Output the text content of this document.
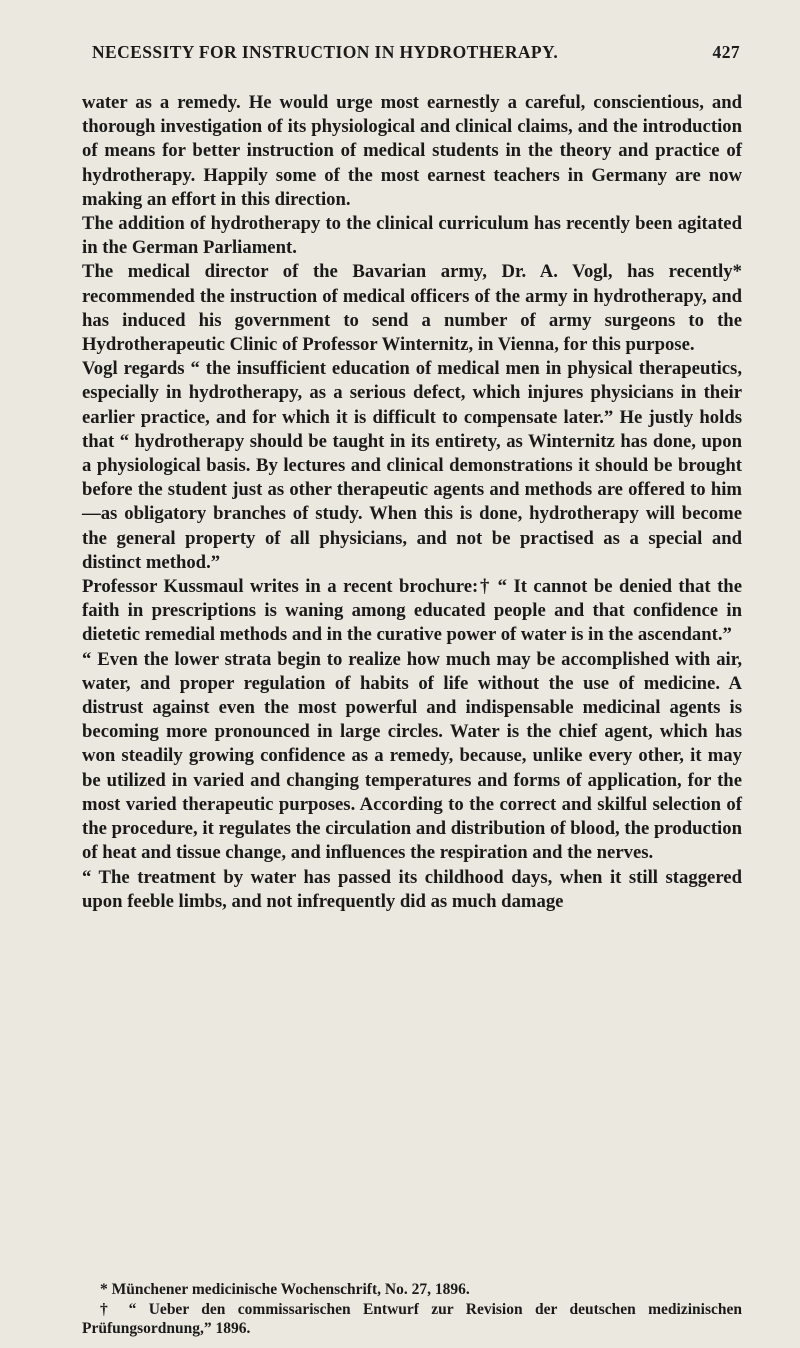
NECESSITY FOR INSTRUCTION IN HYDROTHERAPY.	427

water as a remedy. He would urge most earnestly a careful, conscientious, and thorough investigation of its physiological and clinical claims, and the introduction of means for better instruction of medical students in the theory and practice of hydrotherapy. Happily some of the most earnest teachers in Germany are now making an effort in this direction.

The addition of hydrotherapy to the clinical curriculum has recently been agitated in the German Parliament.

The medical director of the Bavarian army, Dr. A. Vogl, has recently* recommended the instruction of medical officers of the army in hydrotherapy, and has induced his government to send a number of army surgeons to the Hydrotherapeutic Clinic of Professor Winternitz, in Vienna, for this purpose.

Vogl regards “ the insufficient education of medical men in physical therapeutics, especially in hydrotherapy, as a serious defect, which injures physicians in their earlier practice, and for which it is difficult to compensate later.” He justly holds that “ hydrotherapy should be taught in its entirety, as Winternitz has done, upon a physiological basis. By lectures and clinical demonstrations it should be brought before the student just as other therapeutic agents and methods are offered to him—as obligatory branches of study. When this is done, hydrotherapy will become the general property of all physicians, and not be practised as a special and distinct method.”

Professor Kussmaul writes in a recent brochure:† “ It cannot be denied that the faith in prescriptions is waning among educated people and that confidence in dietetic remedial methods and in the curative power of water is in the ascendant.”

“ Even the lower strata begin to realize how much may be accomplished with air, water, and proper regulation of habits of life without the use of medicine. A distrust against even the most powerful and indispensable medicinal agents is becoming more pronounced in large circles. Water is the chief agent, which has won steadily growing confidence as a remedy, because, unlike every other, it may be utilized in varied and changing temperatures and forms of application, for the most varied therapeutic purposes. According to the correct and skilful selection of the procedure, it regulates the circulation and distribution of blood, the production of heat and tissue change, and influences the respiration and the nerves.

“ The treatment by water has passed its childhood days, when it still staggered upon feeble limbs, and not infrequently did as much damage

* Münchener medicinische Wochenschrift, No. 27, 1896.

† “ Ueber den commissarischen Entwurf zur Revision der deutschen medizinischen Prüfungsordnung,” 1896.
